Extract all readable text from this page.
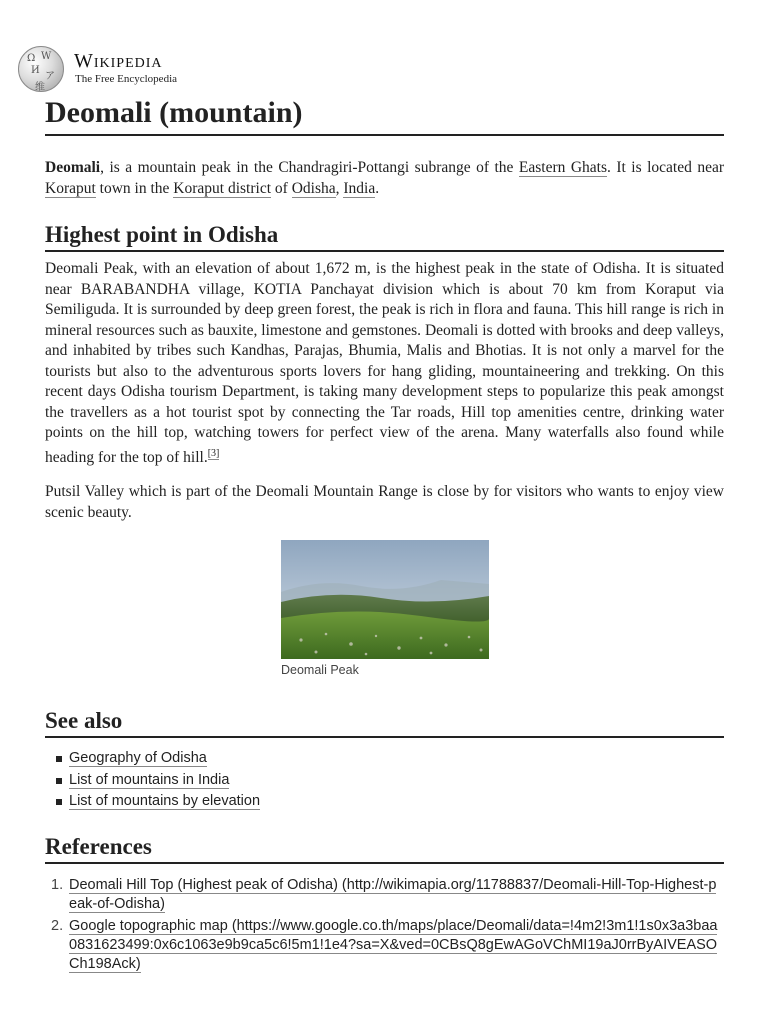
Ω W
И
ア
维
Wikipedia
The Free Encyclopedia
Deomali (mountain)

Deomali, is a mountain peak in the Chandragiri-Pottangi subrange of the Eastern Ghats. It is located near Koraput town in the Koraput district of Odisha, India.

Highest point in Odisha

Deomali Peak, with an elevation of about 1,672 m, is the highest peak in the state of Odisha. It is situated near BARABANDHA village, KOTIA Panchayat division which is about 70 km from Koraput via Semiliguda. It is surrounded by deep green forest, the peak is rich in flora and fauna. This hill range is rich in mineral resources such as bauxite, limestone and gemstones. Deomali is dotted with brooks and deep valleys, and inhabited by tribes such Kandhas, Parajas, Bhumia, Malis and Bhotias. It is not only a marvel for the tourists but also to the adventurous sports lovers for hang gliding, mountaineering and trekking. On this recent days Odisha tourism Department, is taking many development steps to popularize this peak amongst the travellers as a hot tourist spot by connecting the Tar roads, Hill top amenities centre, drinking water points on the hill top, watching towers for perfect view of the arena. Many waterfalls also found while heading for the top of hill.[3]

Putsil Valley which is part of the Deomali Mountain Range is close by for visitors who wants to enjoy view scenic beauty.

Deomali Peak
See also
Geography of Odisha
List of mountains in India
List of mountains by elevation
References
1. Deomali Hill Top (Highest peak of Odisha) (http://wikimapia.org/11788837/Deomali-Hill-Top-Highest-peak-of-Odisha)
2. Google topographic map (https://www.google.co.th/maps/place/Deomali/data=!4m2!3m1!1s0x3a3baa0831623499:0x6c1063e9b9ca5c6!5m1!1e4?sa=X&ved=0CBsQ8gEwAGoVChMI19aJ0rrByAIVEASOCh198Ack)
